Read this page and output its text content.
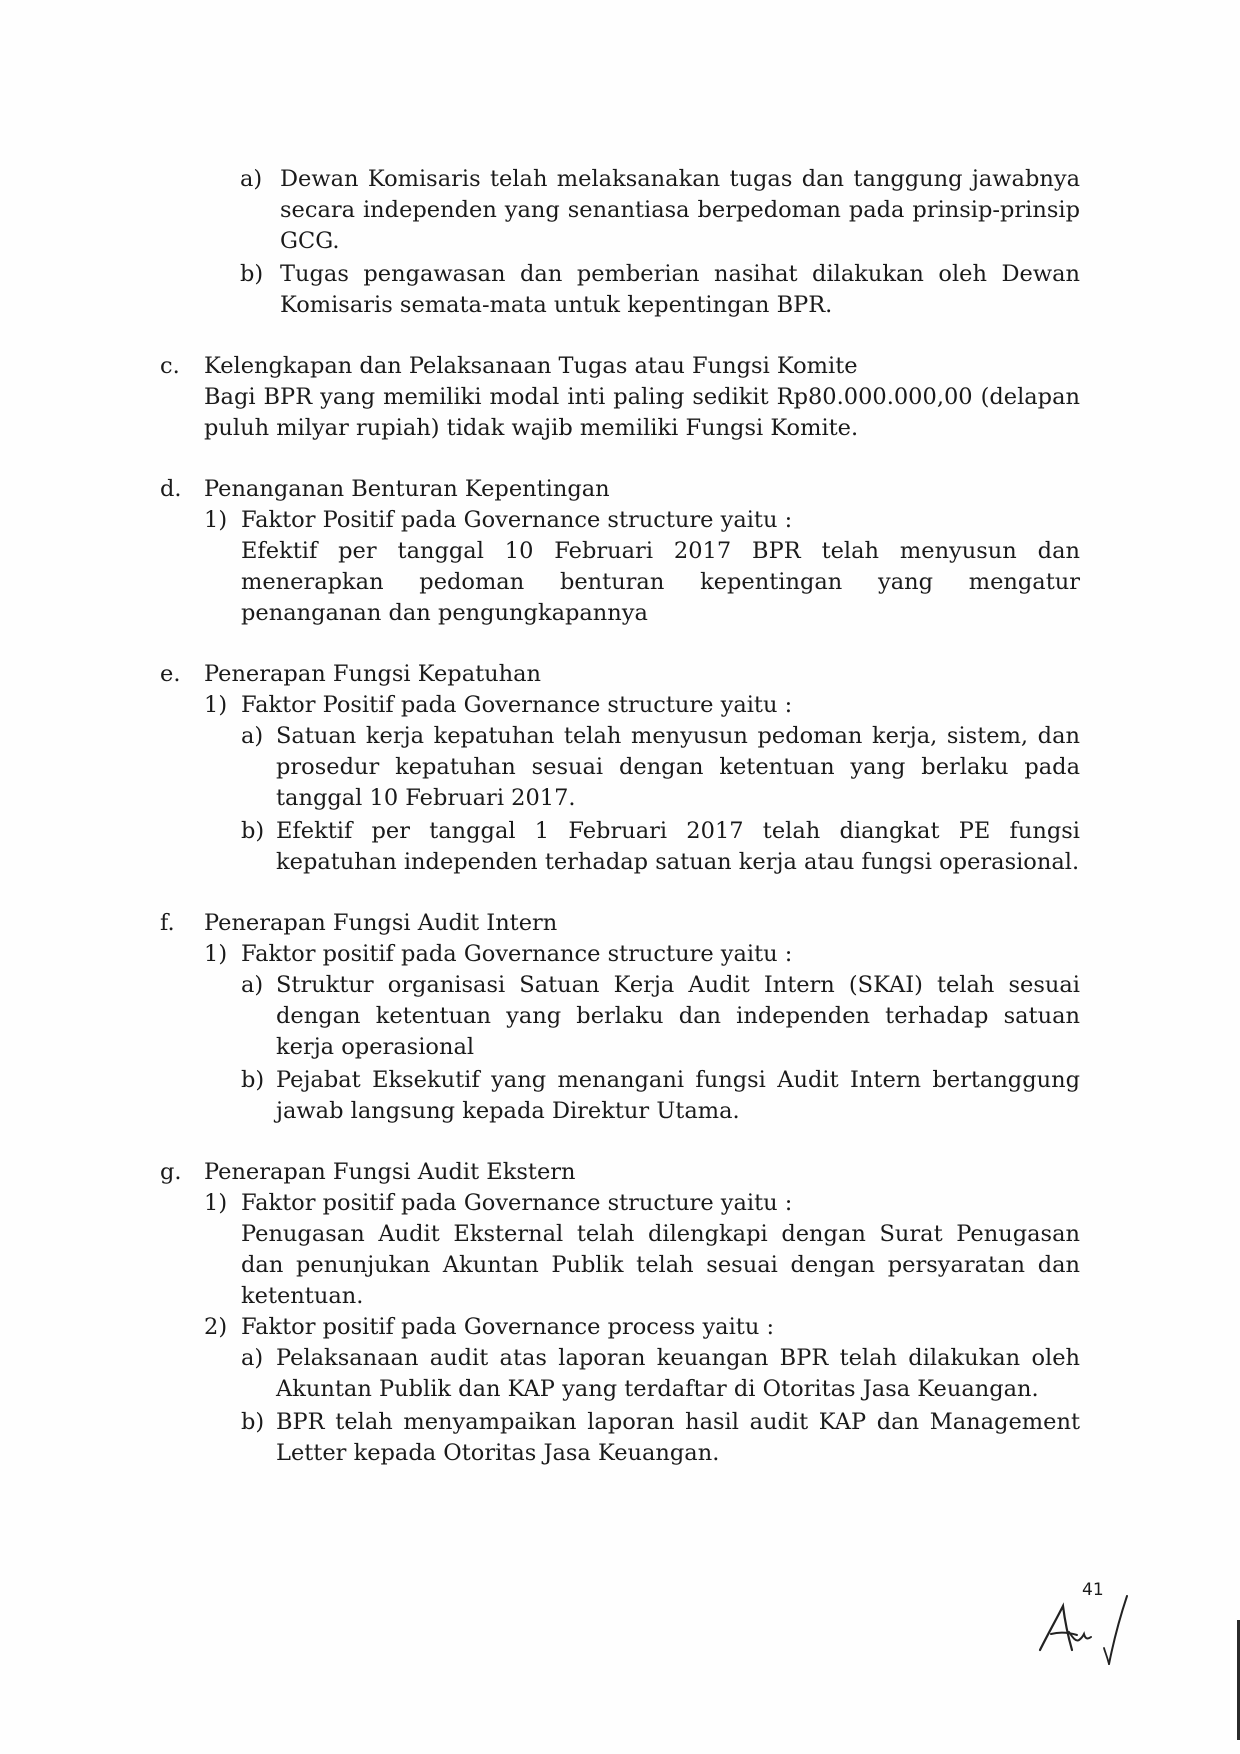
a) Dewan Komisaris telah melaksanakan tugas dan tanggung jawabnya secara independen yang senantiasa berpedoman pada prinsip-prinsip GCG.
b) Tugas pengawasan dan pemberian nasihat dilakukan oleh Dewan Komisaris semata-mata untuk kepentingan BPR.
c. Kelengkapan dan Pelaksanaan Tugas atau Fungsi Komite
Bagi BPR yang memiliki modal inti paling sedikit Rp80.000.000,00 (delapan puluh milyar rupiah) tidak wajib memiliki Fungsi Komite.
d. Penanganan Benturan Kepentingan
1) Faktor Positif pada Governance structure yaitu :
Efektif per tanggal 10 Februari 2017 BPR telah menyusun dan menerapkan pedoman benturan kepentingan yang mengatur penanganan dan pengungkapannya
e. Penerapan Fungsi Kepatuhan
1) Faktor Positif pada Governance structure yaitu :
a) Satuan kerja kepatuhan telah menyusun pedoman kerja, sistem, dan prosedur kepatuhan sesuai dengan ketentuan yang berlaku pada tanggal 10 Februari 2017.
b) Efektif per tanggal 1 Februari 2017 telah diangkat PE fungsi kepatuhan independen terhadap satuan kerja atau fungsi operasional.
f. Penerapan Fungsi Audit Intern
1) Faktor positif pada Governance structure yaitu :
a) Struktur organisasi Satuan Kerja Audit Intern (SKAI) telah sesuai dengan ketentuan yang berlaku dan independen terhadap satuan kerja operasional
b) Pejabat Eksekutif yang menangani fungsi Audit Intern bertanggung jawab langsung kepada Direktur Utama.
g. Penerapan Fungsi Audit Ekstern
1) Faktor positif pada Governance structure yaitu :
Penugasan Audit Eksternal telah dilengkapi dengan Surat Penugasan dan penunjukan Akuntan Publik telah sesuai dengan persyaratan dan ketentuan.
2) Faktor positif pada Governance process yaitu :
a) Pelaksanaan audit atas laporan keuangan BPR telah dilakukan oleh Akuntan Publik dan KAP yang terdaftar di Otoritas Jasa Keuangan.
b) BPR telah menyampaikan laporan hasil audit KAP dan Management Letter kepada Otoritas Jasa Keuangan.
41
